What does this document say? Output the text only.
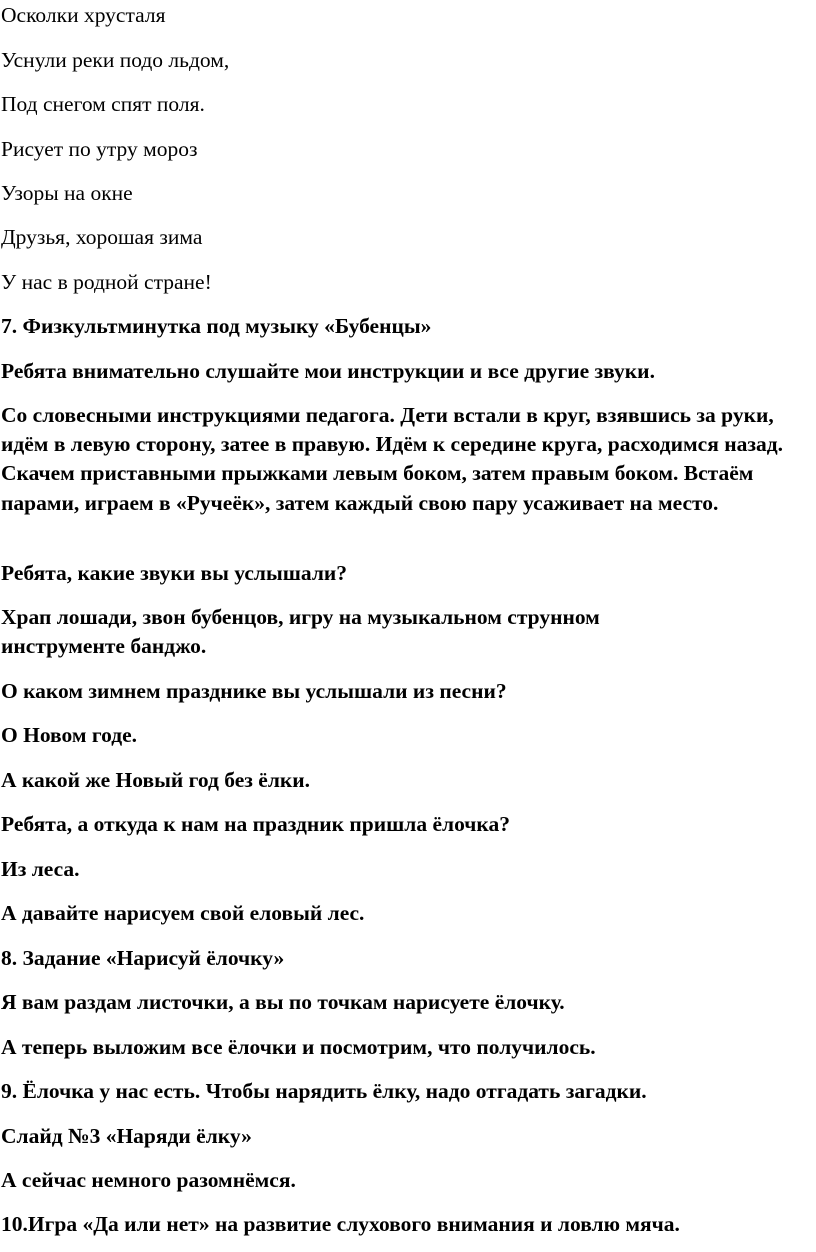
Осколки хрусталя

Уснули реки подо льдом,

Под снегом спят поля.

Рисует по утру мороз

Узоры на окне

Друзья, хорошая зима

У нас в родной стране!

7. Физкультминутка под музыку «Бубенцы»

Ребята внимательно слушайте мои инструкции и все другие звуки.

Со словесными инструкциями педагога. Дети встали в круг, взявшись за руки, идём в левую сторону, затее в правую. Идём к середине круга, расходимся назад. Скачем приставными прыжками левым боком, затем правым боком. Встаём парами, играем в «Ручеёк», затем каждый свою пару усаживает на место.

Ребята, какие звуки вы услышали?

Храп лошади, звон бубенцов, игру на музыкальном струнном инструменте банджо.

О каком зимнем празднике вы услышали из песни?

О Новом годе.

А какой же Новый год без ёлки.

Ребята, а откуда к нам на праздник пришла ёлочка?

Из леса.

А давайте нарисуем свой еловый лес.

8. Задание «Нарисуй ёлочку»

Я вам раздам листочки, а вы по точкам нарисуете ёлочку.

А теперь выложим все ёлочки и посмотрим, что получилось.

9. Ёлочка у нас есть. Чтобы нарядить ёлку, надо отгадать загадки.

Слайд №3 «Наряди ёлку»

А сейчас немного разомнёмся.

10.Игра «Да или нет» на развитие слухового внимания и ловлю мяча.
